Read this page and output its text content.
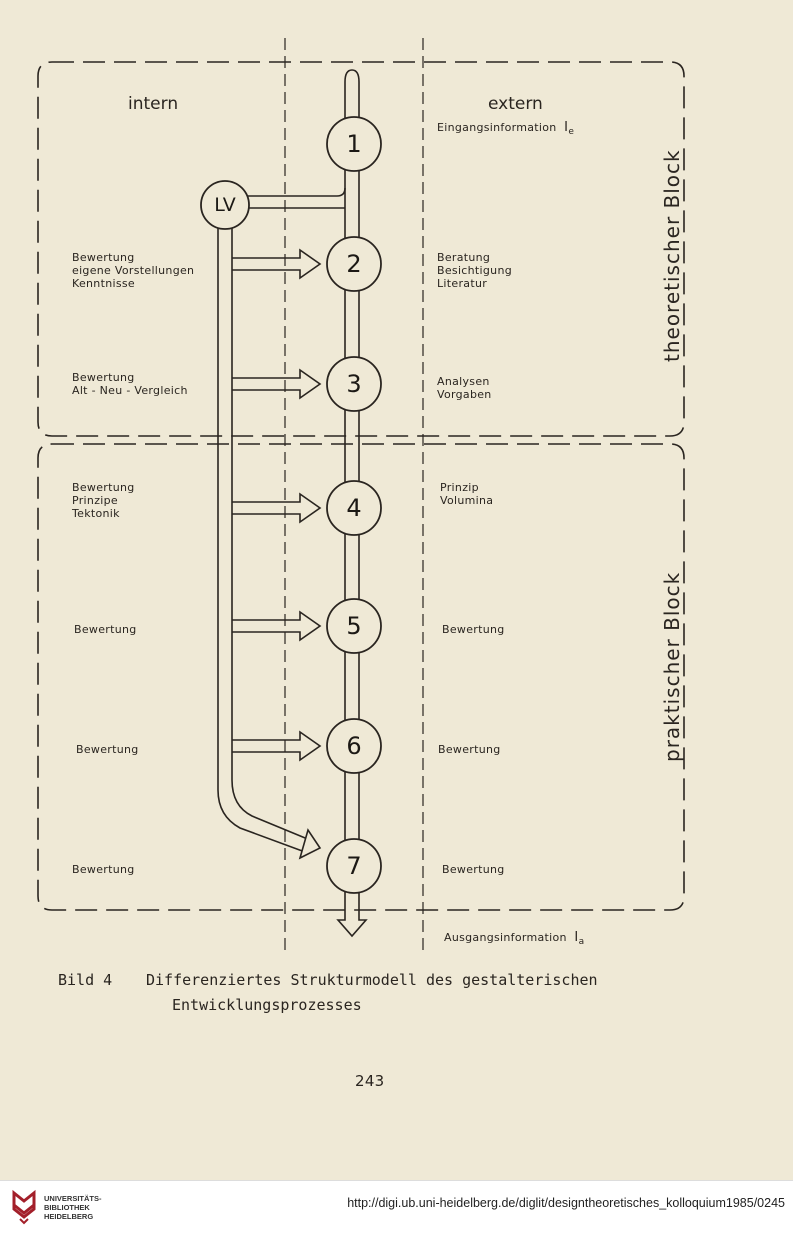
intern	extern
Eingangsinformation $I_e$
1
2
3
4
5
6
7
LV
Bewertung
eigene Vorstellungen
Kenntnisse
Bewertung
Alt - Neu - Vergleich
Bewertung
Prinzipe
Tektonik
Bewertung
Bewertung
Bewertung
Beratung
Besichtigung
Literatur
Analysen
Vorgaben
Prinzip
Volumina
Bewertung
Bewertung
Bewertung
theoretischer Block
praktischer Block
Ausgangsinformation $I_a$
Bild 4 Differenziertes Strukturmodell des gestalterischen
Entwicklungsprozesses
243
UNIVERSITÄTS-
BIBLIOTHEK
HEIDELBERG
http://digi.ub.uni-heidelberg.de/diglit/designtheoretisches_kolloquium1985/0245
